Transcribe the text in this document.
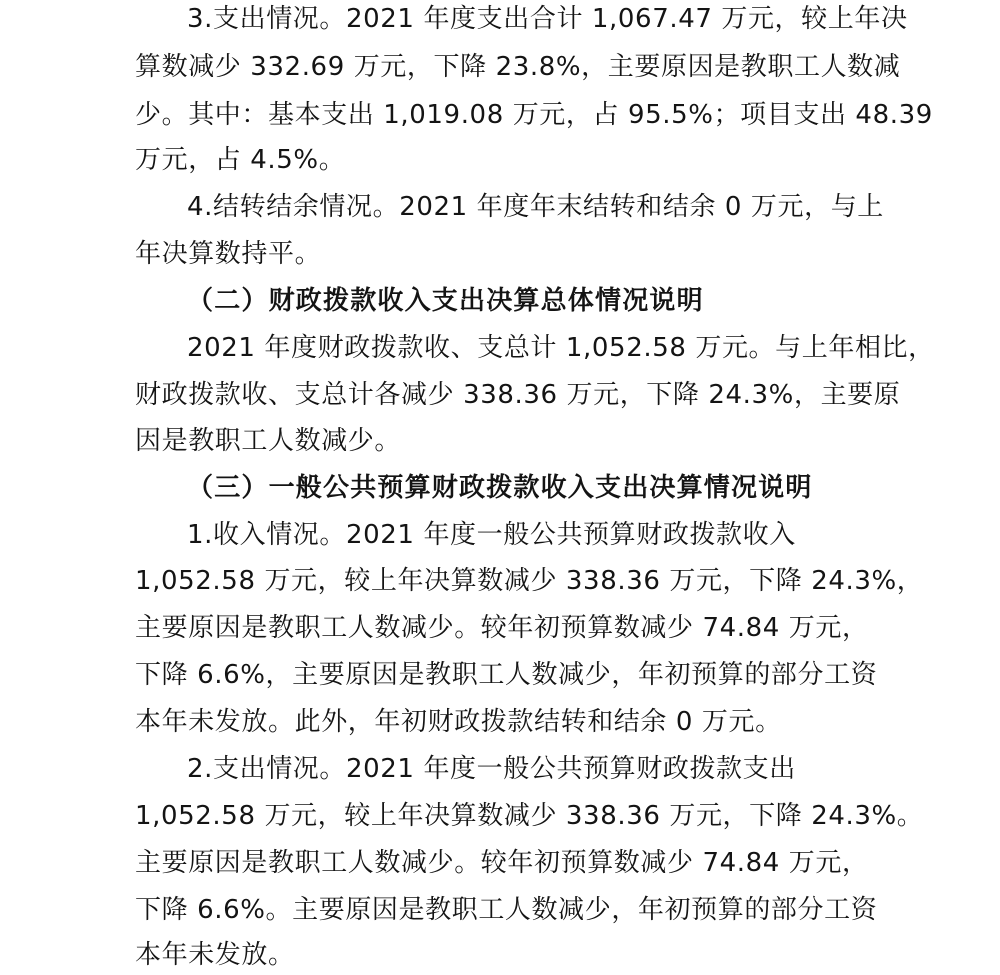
3.支出情况。2021 年度支出合计 1,067.47 万元，较上年决
算数减少 332.69 万元，下降 23.8%，主要原因是教职工人数减
少。其中：基本支出 1,019.08 万元，占 95.5%；项目支出 48.39
万元，占 4.5%。
4.结转结余情况。2021 年度年末结转和结余 0 万元，与上
年决算数持平。
（二）财政拨款收入支出决算总体情况说明
2021 年度财政拨款收、支总计 1,052.58 万元。与上年相比，
财政拨款收、支总计各减少 338.36 万元，下降 24.3%，主要原
因是教职工人数减少。
（三）一般公共预算财政拨款收入支出决算情况说明
1.收入情况。2021 年度一般公共预算财政拨款收入
1,052.58 万元，较上年决算数减少 338.36 万元，下降 24.3%，
主要原因是教职工人数减少。较年初预算数减少 74.84 万元，
下降 6.6%，主要原因是教职工人数减少，年初预算的部分工资
本年未发放。此外，年初财政拨款结转和结余 0 万元。
2.支出情况。2021 年度一般公共预算财政拨款支出
1,052.58 万元，较上年决算数减少 338.36 万元，下降 24.3%。
主要原因是教职工人数减少。较年初预算数减少 74.84 万元，
下降 6.6%。主要原因是教职工人数减少，年初预算的部分工资
本年未发放。
